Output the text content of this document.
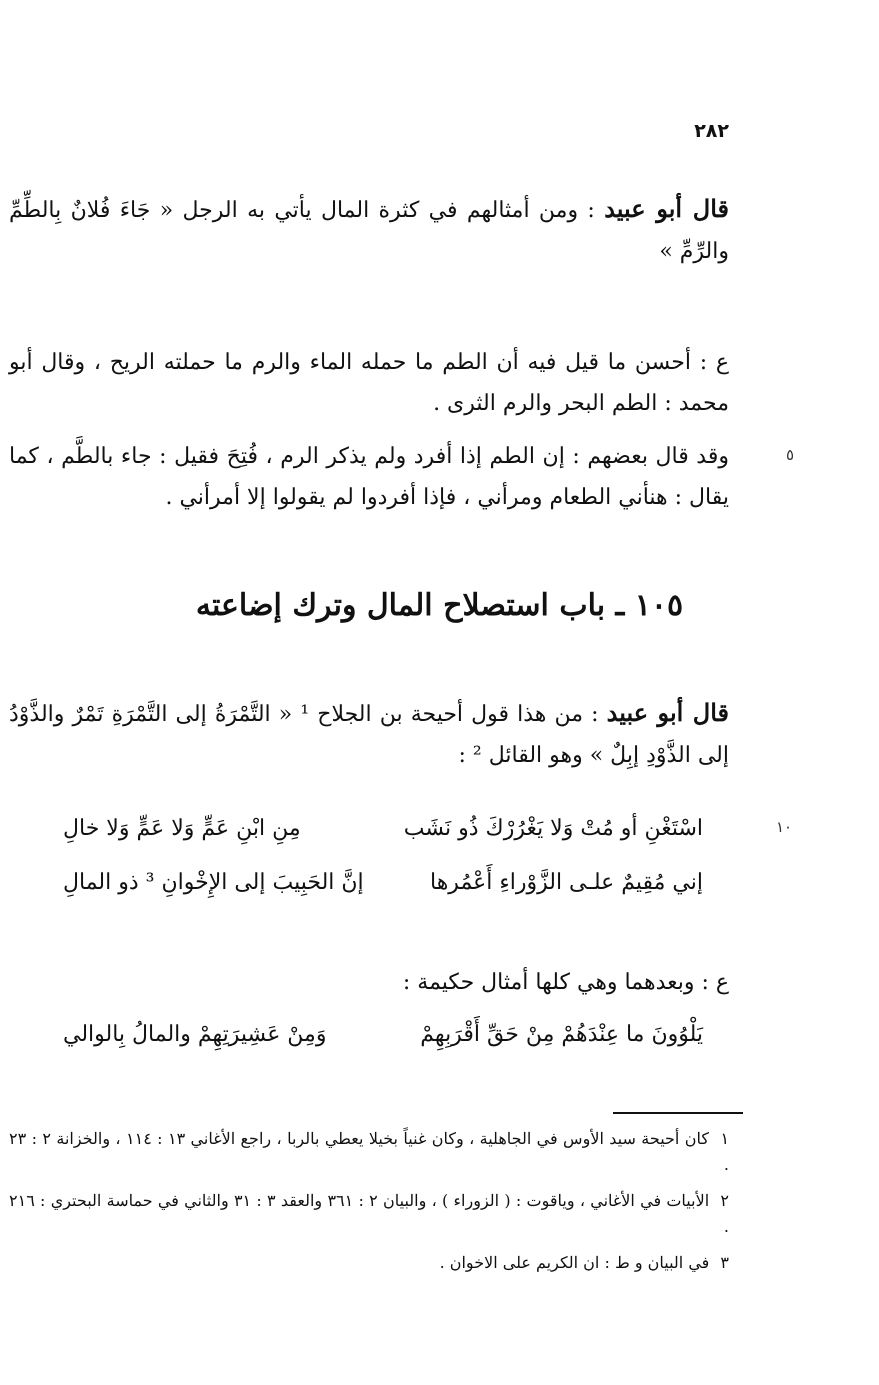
٢٨٢
قال أبو عبيد : ومن أمثالهم في كثرة المال يأتي به الرجل « جَاءَ فُلانٌ بِالطِّمِّ والرِّمِّ »
ع : أحسن ما قيل فيه أن الطم ما حمله الماء والرم ما حملته الريح ، وقال أبو محمد : الطم البحر والرم الثرى .
٥
وقد قال بعضهم : إن الطم إذا أفرد ولم يذكر الرم ، فُتِحَ فقيل : جاء بالطَّم ، كما يقال : هنأني الطعام ومرأني ، فإذا أفردوا لم يقولوا إلا أمرأني .
١٠٥ ـ باب استصلاح المال وترك إضاعته
قال أبو عبيد : من هذا قول أحيحة بن الجلاح ¹ « التَّمْرَةُ إلى التَّمْرَةِ تَمْرٌ والذَّوْدُ إلى الذَّوْدِ إبِلٌ » وهو القائل ² :
١٠
اسْتَغْنِ أو مُتْ وَلا يَغْرُرْكَ ذُو نَشَب
مِنِ ابْنِ عَمٍّ وَلا عَمٍّ وَلا خالِ
إني مُقِيمٌ علـى الزَّوْراءِ أَعْمُرها
إنَّ الحَبِيبَ إلى الإِخْوانِ ³ ذو المالِ
ع : وبعدهما وهي كلها أمثال حكيمة :
يَلْوُونَ ما عِنْدَهُمْ مِنْ حَقِّ أَقْرَبِهِمْ
وَمِنْ عَشِيرَتِهِمْ والمالُ بِالوالي
١ كان أحيحة سيد الأوس في الجاهلية ، وكان غنياً بخيلا يعطي بالربا ، راجع الأغاني ١٣ : ١١٤ ، والخزانة ٢ : ٢٣ .
٢ الأبيات في الأغاني ، وياقوت : ( الزوراء ) ، والبيان ٢ : ٣٦١ والعقد ٣ : ٣١ والثاني في حماسة البحتري : ٢١٦ .
٣ في البيان و ط : ان الكريم على الاخوان .
